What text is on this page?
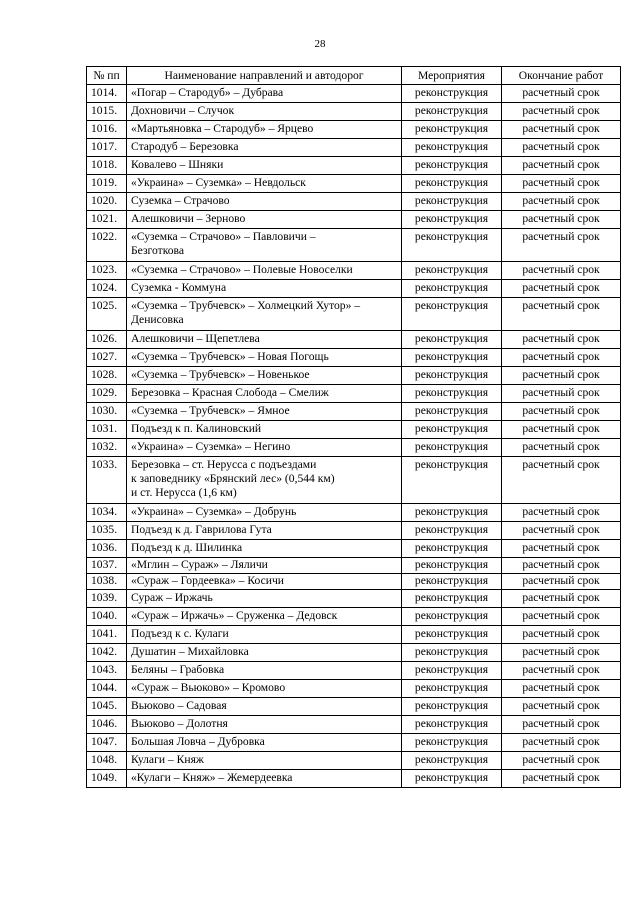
28
№ пп	Наименование направлений и автодорог	Мероприятия	Окончание работ
1014.	«Погар – Стародуб» – Дубрава	реконструкция	расчетный срок
1015.	Дохновичи – Случок	реконструкция	расчетный срок
1016.	«Мартьяновка – Стародуб» – Ярцево	реконструкция	расчетный срок
1017.	Стародуб – Березовка	реконструкция	расчетный срок
1018.	Ковалево – Шняки	реконструкция	расчетный срок
1019.	«Украина» – Суземка» – Невдольск	реконструкция	расчетный срок
1020.	Суземка – Страчово	реконструкция	расчетный срок
1021.	Алешковичи – Зерново	реконструкция	расчетный срок
1022.	«Суземка – Страчово» – Павловичи –
Безготкова	реконструкция	расчетный срок
1023.	«Суземка – Страчово» – Полевые Новоселки	реконструкция	расчетный срок
1024.	Суземка - Коммуна	реконструкция	расчетный срок
1025.	«Суземка – Трубчевск» – Холмецкий Хутор» –
Денисовка	реконструкция	расчетный срок
1026.	Алешковичи – Щепетлева	реконструкция	расчетный срок
1027.	«Суземка – Трубчевск» – Новая Погощь	реконструкция	расчетный срок
1028.	«Суземка – Трубчевск» – Новенькое	реконструкция	расчетный срок
1029.	Березовка – Красная Слобода – Смелиж	реконструкция	расчетный срок
1030.	«Суземка – Трубчевск» – Ямное	реконструкция	расчетный срок
1031.	Подъезд к п. Калиновский	реконструкция	расчетный срок
1032.	«Украина» – Суземка» – Негино	реконструкция	расчетный срок
1033.	Березовка – ст. Нерусса с подъездами
к заповеднику «Брянский лес» (0,544 км)
и ст. Нерусса (1,6 км)	реконструкция	расчетный срок
1034.	«Украина» – Суземка» – Добрунь	реконструкция	расчетный срок
1035.	Подъезд к д. Гаврилова Гута	реконструкция	расчетный срок
1036.	Подъезд к д. Шилинка	реконструкция	расчетный срок
1037.	«Мглин – Сураж» – Ляличи	реконструкция	расчетный срок
1038.	«Сураж – Гордеевка» – Косичи	реконструкция	расчетный срок
1039.	Сураж – Иржачь	реконструкция	расчетный срок
1040.	«Сураж – Иржачь» – Сруженка – Дедовск	реконструкция	расчетный срок
1041.	Подъезд к с. Кулаги	реконструкция	расчетный срок
1042.	Душатин – Михайловка	реконструкция	расчетный срок
1043.	Беляны – Грабовка	реконструкция	расчетный срок
1044.	«Сураж – Вьюково» – Кромово	реконструкция	расчетный срок
1045.	Вьюково – Садовая	реконструкция	расчетный срок
1046.	Вьюково – Долотня	реконструкция	расчетный срок
1047.	Большая Ловча – Дубровка	реконструкция	расчетный срок
1048.	Кулаги – Княж	реконструкция	расчетный срок
1049.	«Кулаги – Княж» – Жемердеевка	реконструкция	расчетный срок
